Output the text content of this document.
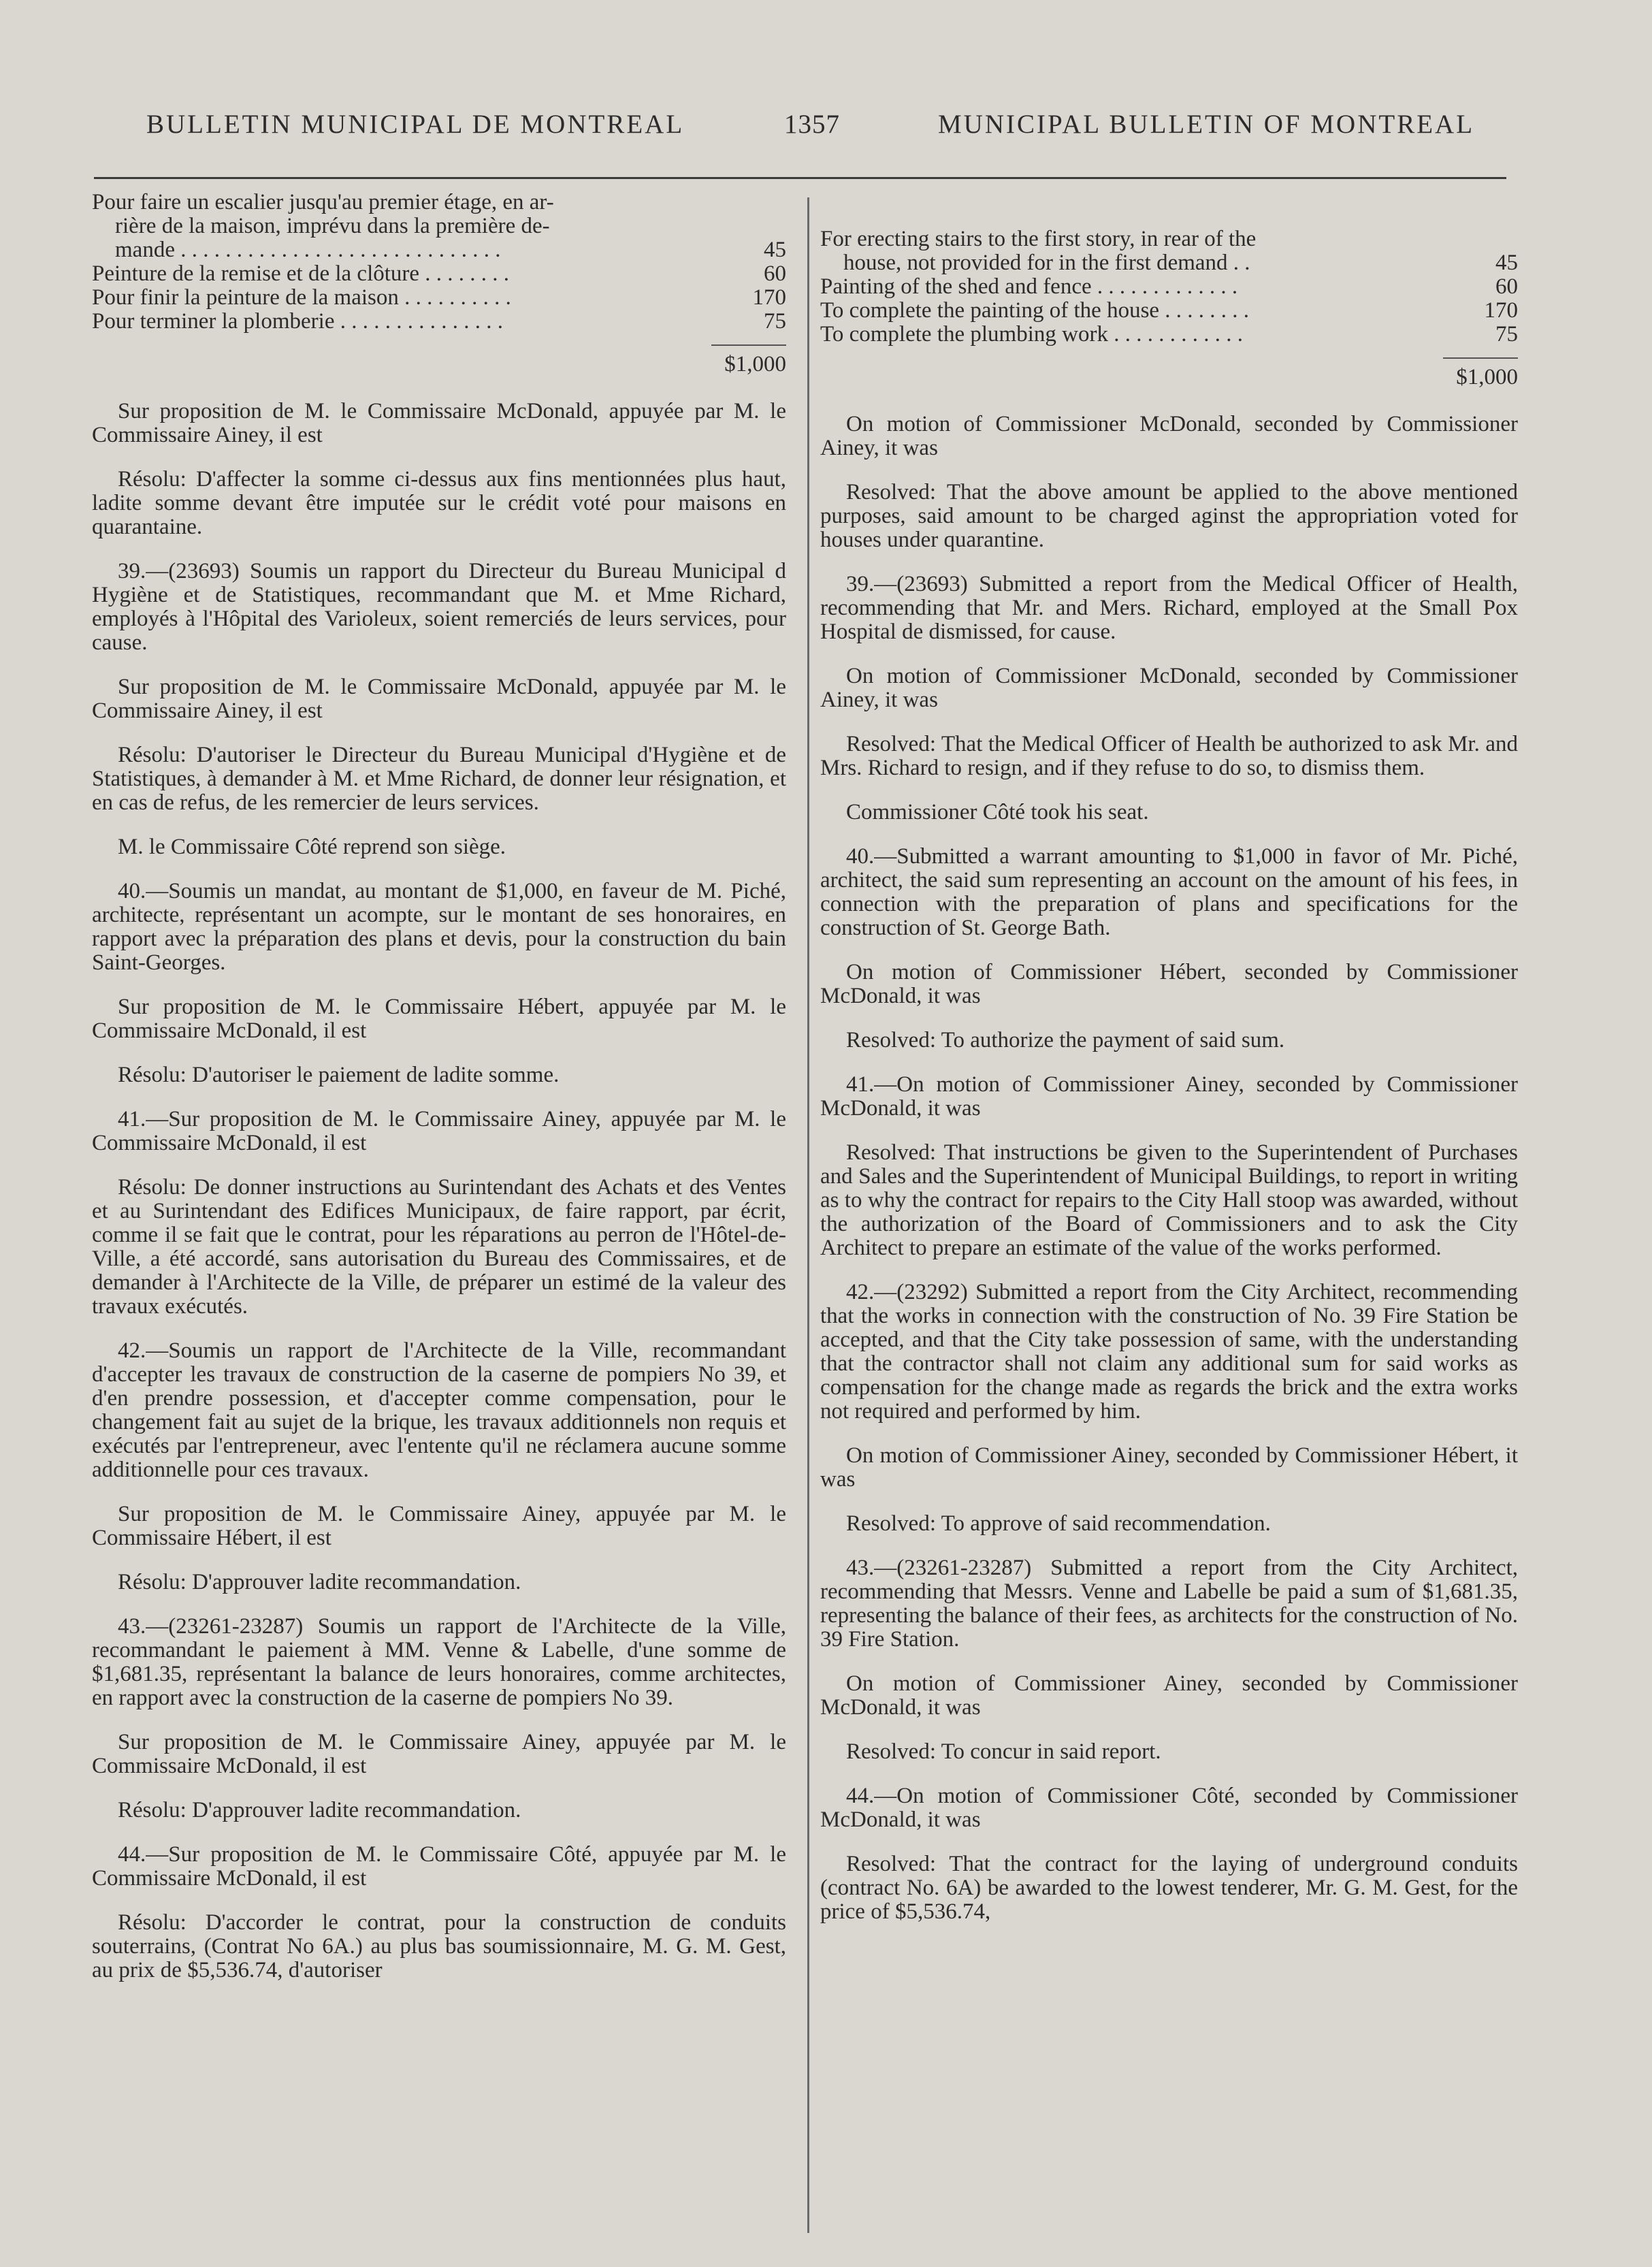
BULLETIN MUNICIPAL DE MONTREAL	1357	MUNICIPAL BULLETIN OF MONTREAL
Pour faire un escalier jusqu'au premier étage, en ar-
rière de la maison, imprévu dans la première de-
mande . . . . . . . . . . . . . . . . . . . . . . . . . . . . .	45
Peinture de la remise et de la clôture . . . . . . . .	60
Pour finir la peinture de la maison . . . . . . . . . .	170
Pour terminer la plomberie . . . . . . . . . . . . . . .	75
$1,000

Sur proposition de M. le Commissaire McDonald, appuyée par M. le Commissaire Ainey, il est

Résolu: D'affecter la somme ci-dessus aux fins mentionnées plus haut, ladite somme devant être imputée sur le crédit voté pour maisons en quarantaine.

39.—(23693) Soumis un rapport du Directeur du Bureau Municipal d Hygiène et de Statistiques, recommandant que M. et Mme Richard, employés à l'Hôpital des Varioleux, soient remerciés de leurs services, pour cause.

Sur proposition de M. le Commissaire McDonald, appuyée par M. le Commissaire Ainey, il est

Résolu: D'autoriser le Directeur du Bureau Municipal d'Hygiène et de Statistiques, à demander à M. et Mme Richard, de donner leur résignation, et en cas de refus, de les remercier de leurs services.

M. le Commissaire Côté reprend son siège.

40.—Soumis un mandat, au montant de $1,000, en faveur de M. Piché, architecte, représentant un acompte, sur le montant de ses honoraires, en rapport avec la préparation des plans et devis, pour la construction du bain Saint-Georges.

Sur proposition de M. le Commissaire Hébert, appuyée par M. le Commissaire McDonald, il est

Résolu: D'autoriser le paiement de ladite somme.

41.—Sur proposition de M. le Commissaire Ainey, appuyée par M. le Commissaire McDonald, il est

Résolu: De donner instructions au Surintendant des Achats et des Ventes et au Surintendant des Edifices Municipaux, de faire rapport, par écrit, comme il se fait que le contrat, pour les réparations au perron de l'Hôtel-de-Ville, a été accordé, sans autorisation du Bureau des Commissaires, et de demander à l'Architecte de la Ville, de préparer un estimé de la valeur des travaux exécutés.

42.—Soumis un rapport de l'Architecte de la Ville, recommandant d'accepter les travaux de construction de la caserne de pompiers No 39, et d'en prendre possession, et d'accepter comme compensation, pour le changement fait au sujet de la brique, les travaux additionnels non requis et exécutés par l'entrepreneur, avec l'entente qu'il ne réclamera aucune somme additionnelle pour ces travaux.

Sur proposition de M. le Commissaire Ainey, appuyée par M. le Commissaire Hébert, il est

Résolu: D'approuver ladite recommandation.

43.—(23261-23287) Soumis un rapport de l'Architecte de la Ville, recommandant le paiement à MM. Venne & Labelle, d'une somme de $1,681.35, représentant la balance de leurs honoraires, comme architectes, en rapport avec la construction de la caserne de pompiers No 39.

Sur proposition de M. le Commissaire Ainey, appuyée par M. le Commissaire McDonald, il est

Résolu: D'approuver ladite recommandation.

44.—Sur proposition de M. le Commissaire Côté, appuyée par M. le Commissaire McDonald, il est

Résolu: D'accorder le contrat, pour la construction de conduits souterrains, (Contrat No 6A.) au plus bas soumissionnaire, M. G. M. Gest, au prix de $5,536.74, d'autoriser

For erecting stairs to the first story, in rear of the
house, not provided for in the first demand . .	45
Painting of the shed and fence . . . . . . . . . . . . .	60
To complete the painting of the house . . . . . . . .	170
To complete the plumbing work . . . . . . . . . . . .	75
$1,000

On motion of Commissioner McDonald, seconded by Commissioner Ainey, it was

Resolved: That the above amount be applied to the above mentioned purposes, said amount to be charged aginst the appropriation voted for houses under quarantine.

39.—(23693) Submitted a report from the Medical Officer of Health, recommending that Mr. and Mers. Richard, employed at the Small Pox Hospital de dismissed, for cause.

On motion of Commissioner McDonald, seconded by Commissioner Ainey, it was

Resolved: That the Medical Officer of Health be authorized to ask Mr. and Mrs. Richard to resign, and if they refuse to do so, to dismiss them.

Commissioner Côté took his seat.

40.—Submitted a warrant amounting to $1,000 in favor of Mr. Piché, architect, the said sum representing an account on the amount of his fees, in connection with the preparation of plans and specifications for the construction of St. George Bath.

On motion of Commissioner Hébert, seconded by Commissioner McDonald, it was

Resolved: To authorize the payment of said sum.

41.—On motion of Commissioner Ainey, seconded by Commissioner McDonald, it was

Resolved: That instructions be given to the Superintendent of Purchases and Sales and the Superintendent of Municipal Buildings, to report in writing as to why the contract for repairs to the City Hall stoop was awarded, without the authorization of the Board of Commissioners and to ask the City Architect to prepare an estimate of the value of the works performed.

42.—(23292) Submitted a report from the City Architect, recommending that the works in connection with the construction of No. 39 Fire Station be accepted, and that the City take possession of same, with the understanding that the contractor shall not claim any additional sum for said works as compensation for the change made as regards the brick and the extra works not required and performed by him.

On motion of Commissioner Ainey, seconded by Commissioner Hébert, it was

Resolved: To approve of said recommendation.

43.—(23261-23287) Submitted a report from the City Architect, recommending that Messrs. Venne and Labelle be paid a sum of $1,681.35, representing the balance of their fees, as architects for the construction of No. 39 Fire Station.

On motion of Commissioner Ainey, seconded by Commissioner McDonald, it was

Resolved: To concur in said report.

44.—On motion of Commissioner Côté, seconded by Commissioner McDonald, it was

Resolved: That the contract for the laying of underground conduits (contract No. 6A) be awarded to the lowest tenderer, Mr. G. M. Gest, for the price of $5,536.74,
